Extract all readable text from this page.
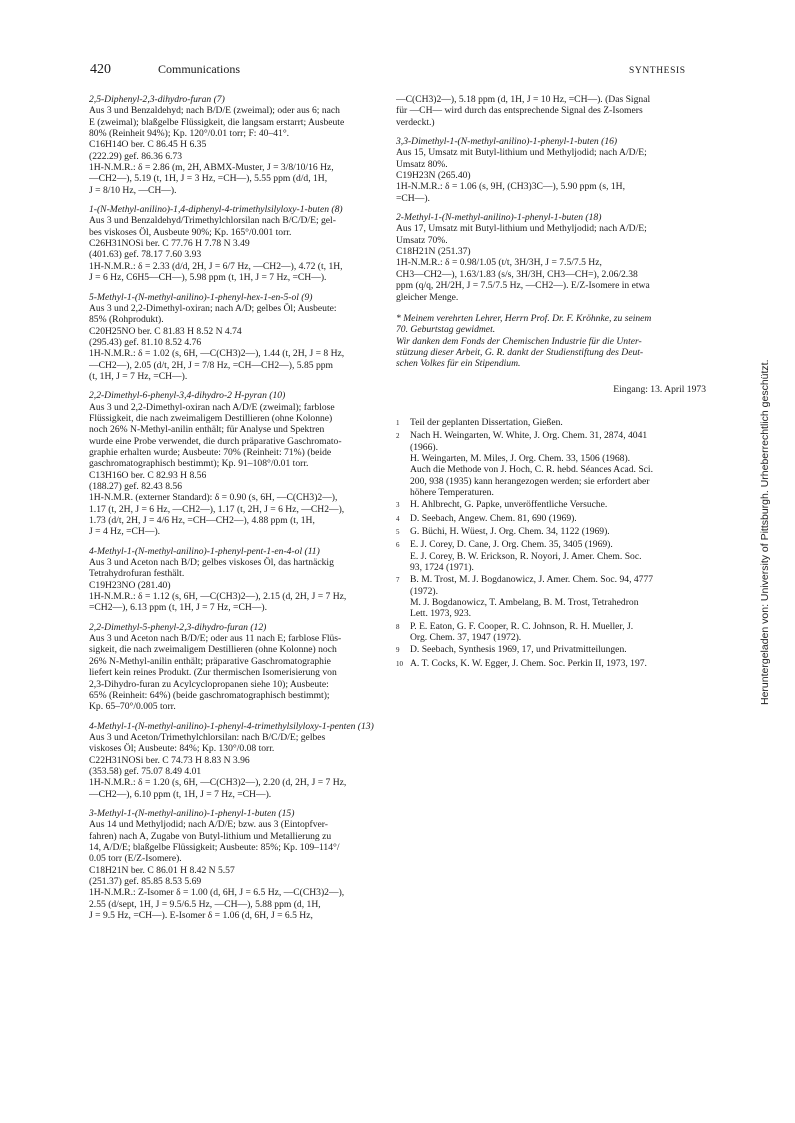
420	Communications	SYNTHESIS
2,5-Diphenyl-2,3-dihydro-furan (7)
Aus 3 und Benzaldehyd; nach B/D/E (zweimal); oder aus 6; nach
E (zweimal); blaßgelbe Flüssigkeit, die langsam erstarrt; Ausbeute
80% (Reinheit 94%); Kp. 120°/0.01 torr; F: 40–41°.
C16H14O ber. C 86.45 H 6.35
(222.29) gef. 86.36 6.73
1H-N.M.R.: δ = 2.86 (m, 2H, ABMX-Muster, J = 3/8/10/16 Hz,
—CH2—), 5.19 (t, 1H, J = 3 Hz, =CH—), 5.55 ppm (d/d, 1H,
J = 8/10 Hz, —CH—).
1-(N-Methyl-anilino)-1,4-diphenyl-4-trimethylsilyloxy-1-buten (8)
Aus 3 und Benzaldehyd/Trimethylchlorsilan nach B/C/D/E; gel-
bes viskoses Öl, Ausbeute 90%; Kp. 165°/0.001 torr.
C26H31NOSi ber. C 77.76 H 7.78 N 3.49
(401.63) gef. 78.17 7.60 3.93
1H-N.M.R.: δ = 2.33 (d/d, 2H, J = 6/7 Hz, —CH2—), 4.72 (t, 1H,
J = 6 Hz, C6H5—CH—), 5.98 ppm (t, 1H, J = 7 Hz, =CH—).
5-Methyl-1-(N-methyl-anilino)-1-phenyl-hex-1-en-5-ol (9)
Aus 3 und 2,2-Dimethyl-oxiran; nach A/D; gelbes Öl; Ausbeute:
85% (Rohprodukt).
C20H25NO ber. C 81.83 H 8.52 N 4.74
(295.43) gef. 81.10 8.52 4.76
1H-N.M.R.: δ = 1.02 (s, 6H, —C(CH3)2—), 1.44 (t, 2H, J = 8 Hz,
—CH2—), 2.05 (d/t, 2H, J = 7/8 Hz, =CH—CH2—), 5.85 ppm
(t, 1H, J = 7 Hz, =CH—).
2,2-Dimethyl-6-phenyl-3,4-dihydro-2 H-pyran (10)
Aus 3 und 2,2-Dimethyl-oxiran nach A/D/E (zweimal); farblose
Flüssigkeit, die nach zweimaligem Destillieren (ohne Kolonne)
noch 26% N-Methyl-anilin enthält; für Analyse und Spektren
wurde eine Probe verwendet, die durch präparative Gaschromato-
graphie erhalten wurde; Ausbeute: 70% (Reinheit: 71%) (beide
gaschromatographisch bestimmt); Kp. 91–108°/0.01 torr.
C13H16O ber. C 82.93 H 8.56
(188.27) gef. 82.43 8.56
1H-N.M.R. (externer Standard): δ = 0.90 (s, 6H, —C(CH3)2—),
1.17 (t, 2H, J = 6 Hz, —CH2—), 1.17 (t, 2H, J = 6 Hz, —CH2—),
1.73 (d/t, 2H, J = 4/6 Hz, =CH—CH2—), 4.88 ppm (t, 1H,
J = 4 Hz, =CH—).
4-Methyl-1-(N-methyl-anilino)-1-phenyl-pent-1-en-4-ol (11)
Aus 3 und Aceton nach B/D; gelbes viskoses Öl, das hartnäckig
Tetrahydrofuran festhält.
C19H23NO (281.40)
1H-N.M.R.: δ = 1.12 (s, 6H, —C(CH3)2—), 2.15 (d, 2H, J = 7 Hz,
=CH2—), 6.13 ppm (t, 1H, J = 7 Hz, =CH—).
2,2-Dimethyl-5-phenyl-2,3-dihydro-furan (12)
Aus 3 und Aceton nach B/D/E; oder aus 11 nach E; farblose Flüs-
sigkeit, die nach zweimaligem Destillieren (ohne Kolonne) noch
26% N-Methyl-anilin enthält; präparative Gaschromatographie
liefert kein reines Produkt. (Zur thermischen Isomerisierung von
2,3-Dihydro-furan zu Acylcyclopropanen siehe 10); Ausbeute:
65% (Reinheit: 64%) (beide gaschromatographisch bestimmt);
Kp. 65–70°/0.005 torr.
4-Methyl-1-(N-methyl-anilino)-1-phenyl-4-trimethylsilyloxy-1-penten (13)
Aus 3 und Aceton/Trimethylchlorsilan: nach B/C/D/E; gelbes
viskoses Öl; Ausbeute: 84%; Kp. 130°/0.08 torr.
C22H31NOSi ber. C 74.73 H 8.83 N 3.96
(353.58) gef. 75.07 8.49 4.01
1H-N.M.R.: δ = 1.20 (s, 6H, —C(CH3)2—), 2.20 (d, 2H, J = 7 Hz,
—CH2—), 6.10 ppm (t, 1H, J = 7 Hz, =CH—).
3-Methyl-1-(N-methyl-anilino)-1-phenyl-1-buten (15)
Aus 14 und Methyljodid; nach A/D/E; bzw. aus 3 (Eintopfver-
fahren) nach A, Zugabe von Butyl-lithium und Metallierung zu
14, A/D/E; blaßgelbe Flüssigkeit; Ausbeute: 85%; Kp. 109–114°/
0.05 torr (E/Z-Isomere).
C18H21N ber. C 86.01 H 8.42 N 5.57
(251.37) gef. 85.85 8.53 5.69
1H-N.M.R.: Z-Isomer δ = 1.00 (d, 6H, J = 6.5 Hz, —C(CH3)2—),
2.55 (d/sept, 1H, J = 9.5/6.5 Hz, —CH—), 5.88 ppm (d, 1H,
J = 9.5 Hz, =CH—). E-Isomer δ = 1.06 (d, 6H, J = 6.5 Hz,
—C(CH3)2—), 5.18 ppm (d, 1H, J = 10 Hz, =CH—). (Das Signal
für —CH— wird durch das entsprechende Signal des Z-Isomers
verdeckt.)
3,3-Dimethyl-1-(N-methyl-anilino)-1-phenyl-1-buten (16)
Aus 15, Umsatz mit Butyl-lithium und Methyljodid; nach A/D/E;
Umsatz 80%.
C19H23N (265.40)
1H-N.M.R.: δ = 1.06 (s, 9H, (CH3)3C—), 5.90 ppm (s, 1H,
=CH—).
2-Methyl-1-(N-methyl-anilino)-1-phenyl-1-buten (18)
Aus 17, Umsatz mit Butyl-lithium und Methyljodid; nach A/D/E;
Umsatz 70%.
C18H21N (251.37)
1H-N.M.R.: δ = 0.98/1.05 (t/t, 3H/3H, J = 7.5/7.5 Hz,
CH3—CH2—), 1.63/1.83 (s/s, 3H/3H, CH3—CH=), 2.06/2.38
ppm (q/q, 2H/2H, J = 7.5/7.5 Hz, —CH2—). E/Z-Isomere in etwa
gleicher Menge.
* Meinem verehrten Lehrer, Herrn Prof. Dr. F. Kröhnke, zu seinem
70. Geburtstag gewidmet.
Wir danken dem Fonds der Chemischen Industrie für die Unter-
stützung dieser Arbeit, G. R. dankt der Studienstiftung des Deut-
schen Volkes für ein Stipendium.
Eingang: 13. April 1973
1	Teil der geplanten Dissertation, Gießen.
2	Nach H. Weingarten, W. White, J. Org. Chem. 31, 2874, 4041
(1966).
H. Weingarten, M. Miles, J. Org. Chem. 33, 1506 (1968).
Auch die Methode von J. Hoch, C. R. hebd. Séances Acad. Sci.
200, 938 (1935) kann herangezogen werden; sie erfordert aber
höhere Temperaturen.
3	H. Ahlbrecht, G. Papke, unveröffentliche Versuche.
4	D. Seebach, Angew. Chem. 81, 690 (1969).
5	G. Büchi, H. Wüest, J. Org. Chem. 34, 1122 (1969).
6	E. J. Corey, D. Cane, J. Org. Chem. 35, 3405 (1969).
E. J. Corey, B. W. Erickson, R. Noyori, J. Amer. Chem. Soc.
93, 1724 (1971).
7	B. M. Trost, M. J. Bogdanowicz, J. Amer. Chem. Soc. 94, 4777
(1972).
M. J. Bogdanowicz, T. Ambelang, B. M. Trost, Tetrahedron
Lett. 1973, 923.
8	P. E. Eaton, G. F. Cooper, R. C. Johnson, R. H. Mueller, J.
Org. Chem. 37, 1947 (1972).
9	D. Seebach, Synthesis 1969, 17, und Privatmitteilungen.
10 A. T. Cocks, K. W. Egger, J. Chem. Soc. Perkin II, 1973, 197.	Heruntergeladen von: University of Pittsburgh. Urheberrechtlich geschützt.
